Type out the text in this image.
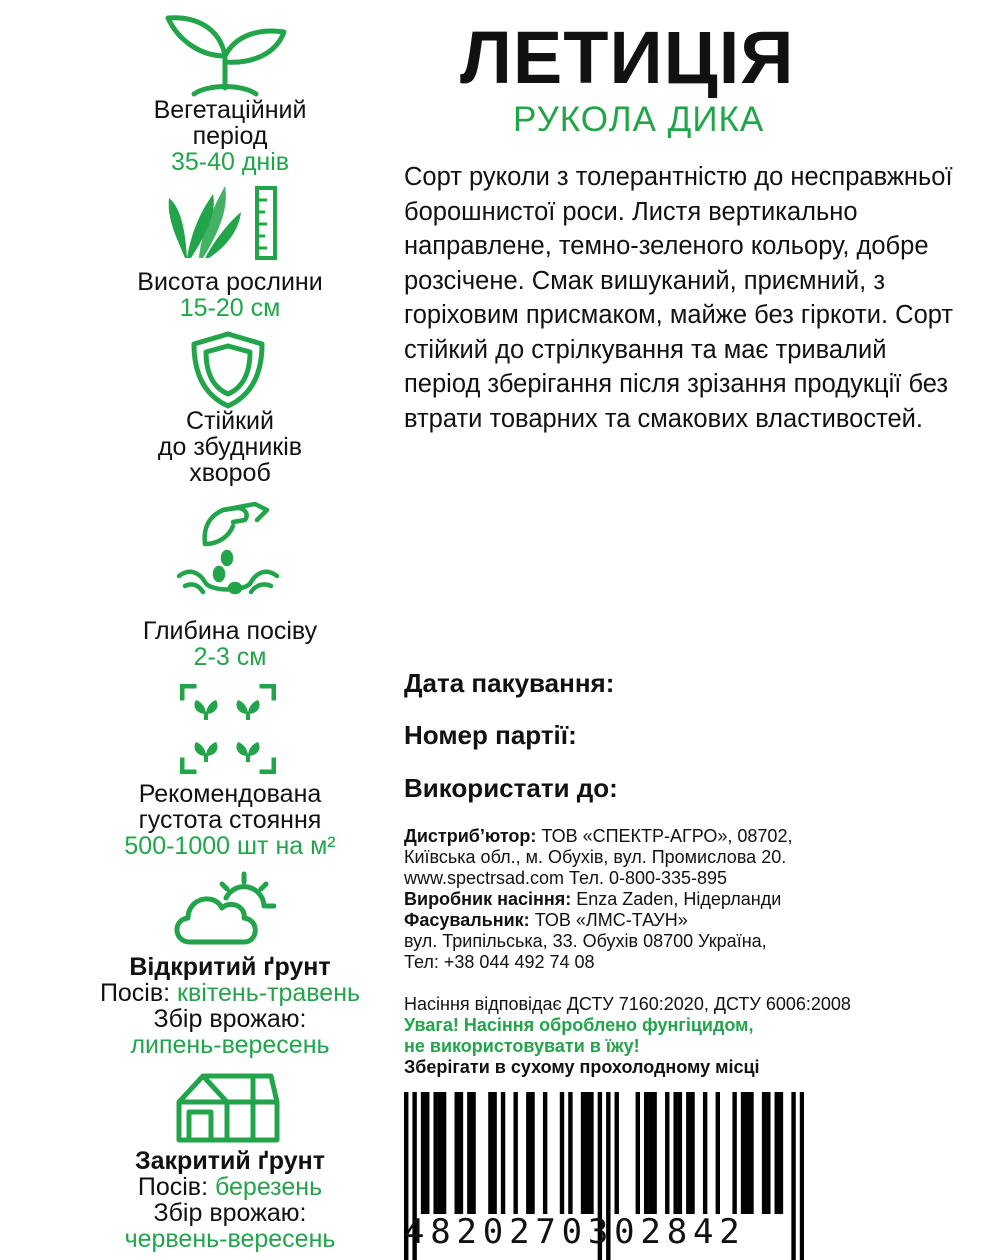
Вегетаційний
період
35-40 днів
Висота рослини
15-20 см
Стійкий
до збудників
хвороб
Глибина посіву
2-3 см
Рекомендована
густота стояння
500-1000 шт на м²
Відкритий ґрунт
Посів: квітень-травень
Збір врожаю:
липень-вересень
Закритий ґрунт
Посів: березень
Збір врожаю:
червень-вересень
ЛЕТИЦІЯ
РУКОЛА ДИКА
Сорт руколи з толерантністю до несправжньої борошнистої роси. Листя вертикально направлене, темно-зеленого кольору, добре розсічене. Смак вишуканий, приємний, з горіховим присмаком, майже без гіркоти. Сорт стійкий до стрілкування та має тривалий період зберігання після зрізання продукції без втрати товарних та смакових властивостей.
Дата пакування:
Номер партії:
Використати до:
Дистриб’ютор: ТОВ «СПЕКТР-АГРО», 08702,
Київська обл., м. Обухів, вул. Промислова 20.
www.spectrsad.com Тел. 0-800-335-895
Виробник насіння: Enza Zaden, Нідерланди
Фасувальник: ТОВ «ЛМС-ТАУН»
вул. Трипільська, 33. Обухів 08700 Україна,
Тел: +38 044 492 74 08
Насіння відповідає ДСТУ 7160:2020, ДСТУ 6006:2008
Увага! Насіння оброблено фунгіцидом,
не використовувати в їжу!
Зберігати в сухому прохолодному місці
4820270302842
